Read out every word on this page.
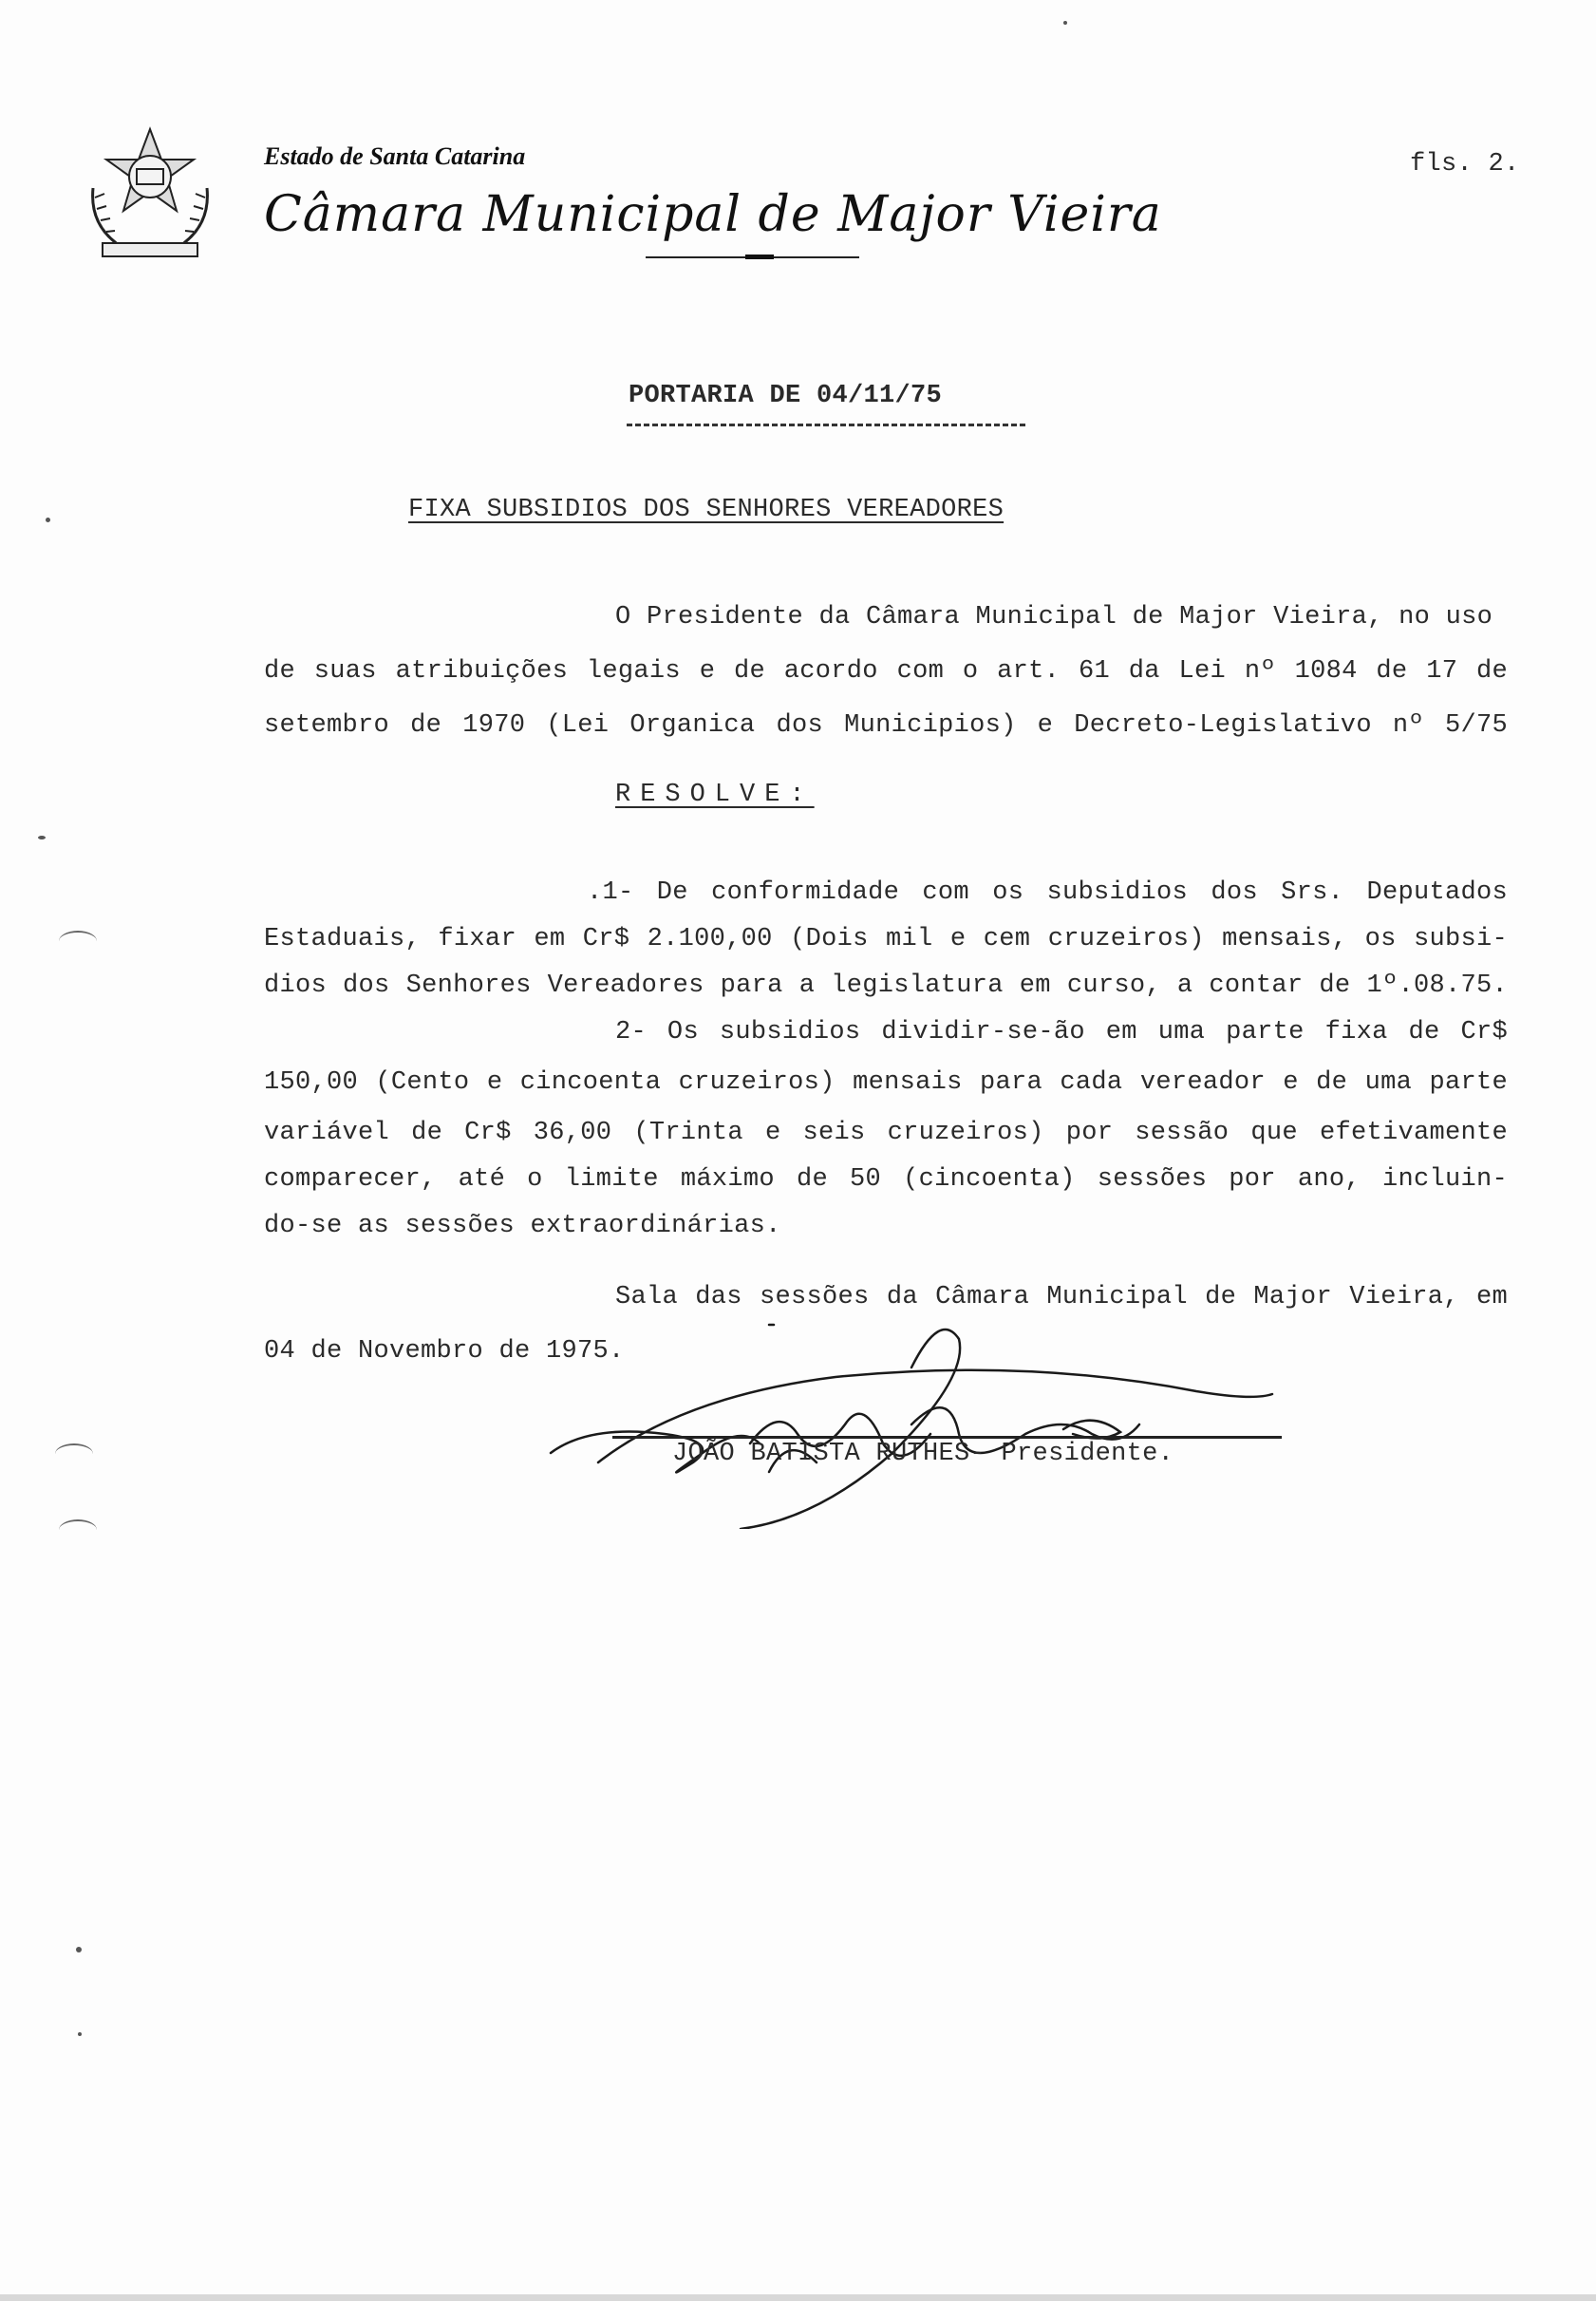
Estado de Santa Catarina
Câmara Municipal de Major Vieira
fls. 2.
PORTARIA DE 04/11/75
FIXA SUBSIDIOS DOS SENHORES VEREADORES
O Presidente da Câmara Municipal de Major Vieira, no uso
de suas atribuições legais e de acordo com o art. 61 da Lei nº 1084 de 17 de
setembro de 1970 (Lei Organica dos Municipios) e Decreto-Legislativo nº 5/75
RESOLVE:
.1- De conformidade com os subsidios dos Srs. Deputados
Estaduais, fixar em Cr$ 2.100,00 (Dois mil e cem cruzeiros) mensais, os subsi-
dios dos Senhores Vereadores para a legislatura em curso, a contar de 1º.08.75.
2- Os subsidios dividir-se-ão em uma parte fixa de Cr$
150,00 (Cento e cincoenta cruzeiros) mensais para cada vereador e de uma parte
variável de Cr$ 36,00 (Trinta e seis cruzeiros) por sessão que efetivamente
comparecer, até o limite máximo de 50 (cincoenta) sessões por ano, incluin-
do-se as sessões extraordinárias.
Sala das sessões da Câmara Municipal de Major Vieira, em
04 de Novembro de 1975.
JOÃO BATISTA RUTHES- Presidente.
